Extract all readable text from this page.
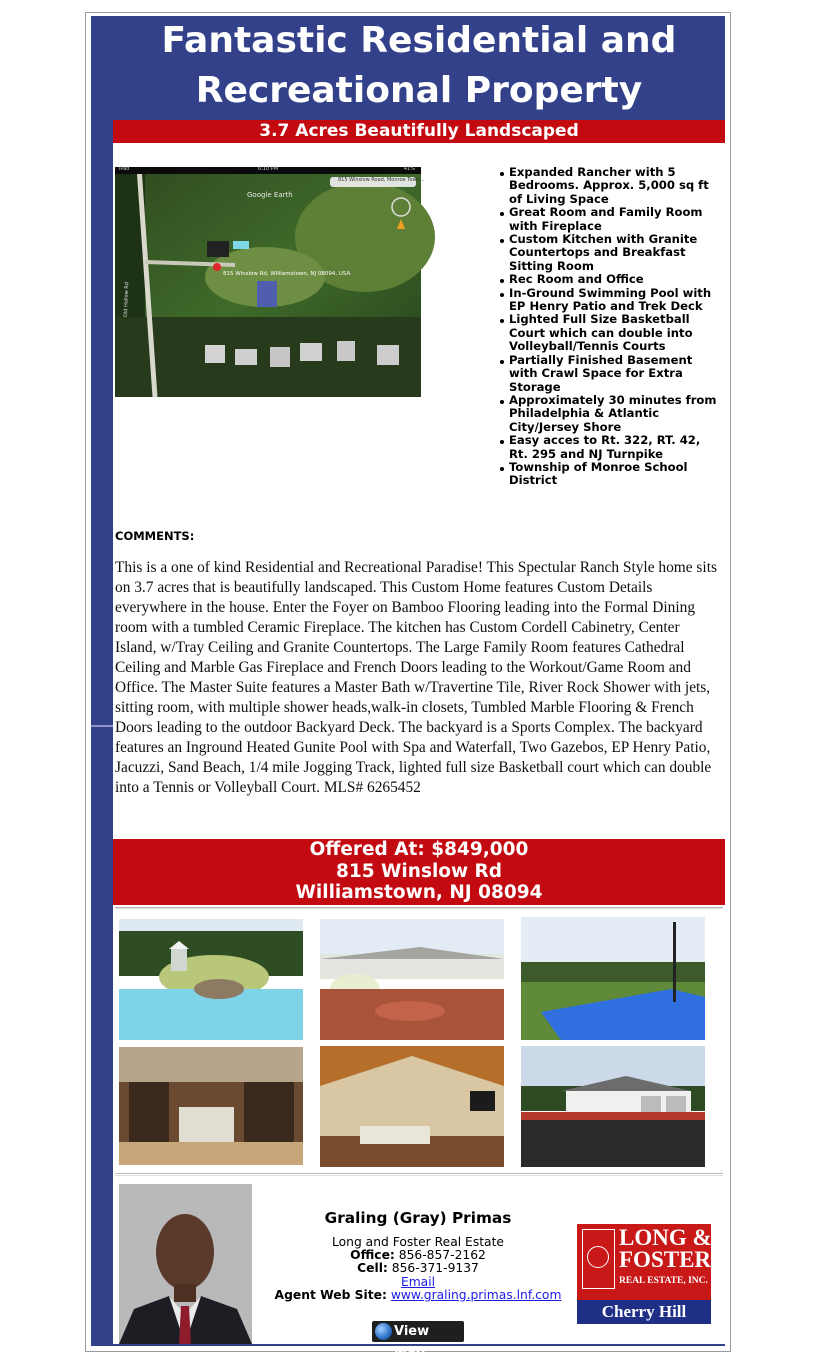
Fantastic Residential and Recreational Property
3.7 Acres Beautifully Landscaped
6:10 PM
iPad	41%
815 Winslow Road, Monroe Town...
Google Earth
815 Winslow Rd, Williamstown, NJ 08094, USA
Old Hollow Rd
Expanded Rancher with 5 Bedrooms. Approx. 5,000 sq ft of Living Space
Great Room and Family Room with Fireplace
Custom Kitchen with Granite Countertops and Breakfast Sitting Room
Rec Room and Office
In-Ground Swimming Pool with EP Henry Patio and Trek Deck
Lighted Full Size Basketball Court which can double into Volleyball/Tennis Courts
Partially Finished Basement with Crawl Space for Extra Storage
Approximately 30 minutes from Philadelphia & Atlantic City/Jersey Shore
Easy acces to Rt. 322, RT. 42, Rt. 295 and NJ Turnpike
Township of Monroe School District
COMMENTS:

This is a one of kind Residential and Recreational Paradise! This Spectular Ranch Style home sits on 3.7 acres that is beautifully landscaped. This Custom Home features Custom Details everywhere in the house. Enter the Foyer on Bamboo Flooring leading into the Formal Dining room with a tumbled Ceramic Fireplace. The kitchen has Custom Cordell Cabinetry, Center Island, w/Tray Ceiling and Granite Countertops. The Large Family Room features Cathedral Ceiling and Marble Gas Fireplace and French Doors leading to the Workout/Game Room and Office. The Master Suite features a Master Bath w/Travertine Tile, River Rock Shower with jets, sitting room, with multiple shower heads,walk-in closets, Tumbled Marble Flooring & French Doors leading to the outdoor Backyard Deck. The backyard is a Sports Complex. The backyard features an Inground Heated Gunite Pool with Spa and Waterfall, Two Gazebos, EP Henry Patio, Jacuzzi, Sand Beach, 1/4 mile Jogging Track, lighted full size Basketball court which can double into a Tennis or Volleyball Court. MLS# 6265452

Offered At: $849,000
815 Winslow Rd
Williamstown, NJ 08094
Graling (Gray) Primas
Long and Foster Real Estate
Office: 856-857-2162
Cell: 856-371-9137
Email
Agent Web Site: www.graling.primas.lnf.com
LONG &
FOSTER
REAL ESTATE, INC.
Cherry Hill
View Map
